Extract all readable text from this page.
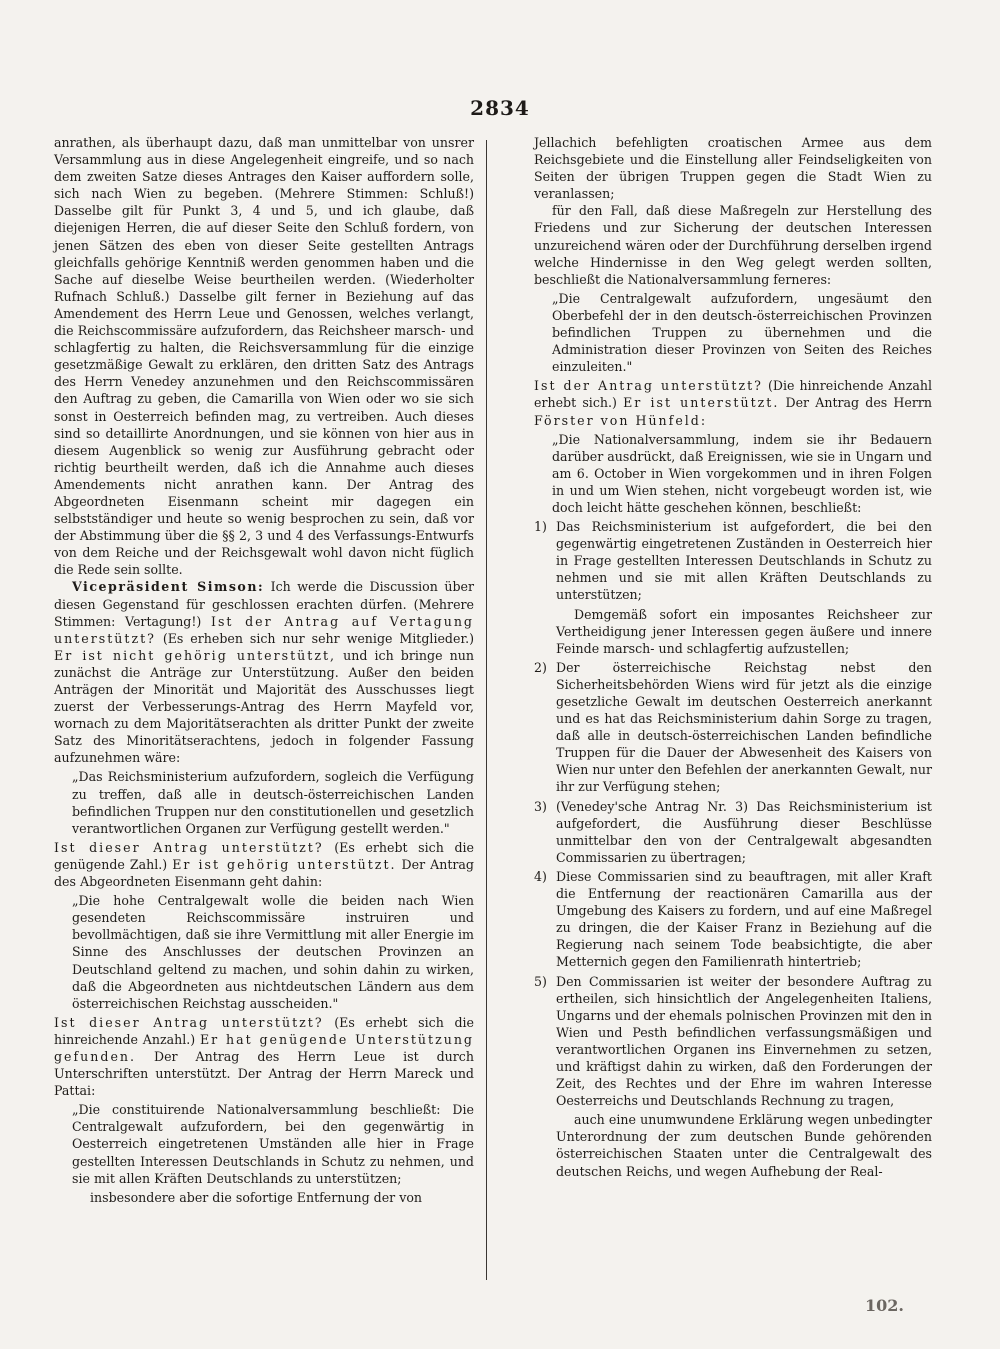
2834

anrathen, als überhaupt dazu, daß man unmittelbar von unsrer Versammlung aus in diese Angelegenheit eingreife, und so nach dem zweiten Satze dieses Antrages den Kaiser auffordern solle, sich nach Wien zu begeben. (Mehrere Stimmen: Schluß!) Dasselbe gilt für Punkt 3, 4 und 5, und ich glaube, daß diejenigen Herren, die auf dieser Seite den Schluß fordern, von jenen Sätzen des eben von dieser Seite gestellten Antrags gleichfalls gehörige Kenntniß werden genommen haben und die Sache auf dieselbe Weise beurtheilen werden. (Wiederholter Rufnach Schluß.) Dasselbe gilt ferner in Beziehung auf das Amendement des Herrn Leue und Genossen, welches verlangt, die Reichscommissäre aufzufordern, das Reichsheer marsch- und schlagfertig zu halten, die Reichsversammlung für die einzige gesetzmäßige Gewalt zu erklären, den dritten Satz des Antrags des Herrn Venedey anzunehmen und den Reichscommissären den Auftrag zu geben, die Camarilla von Wien oder wo sie sich sonst in Oesterreich befinden mag, zu vertreiben. Auch dieses sind so detaillirte Anordnungen, und sie können von hier aus in diesem Augenblick so wenig zur Ausführung gebracht oder richtig beurtheilt werden, daß ich die Annahme auch dieses Amendements nicht anrathen kann. Der Antrag des Abgeordneten Eisenmann scheint mir dagegen ein selbstständiger und heute so wenig besprochen zu sein, daß vor der Abstimmung über die §§ 2, 3 und 4 des Verfassungs-Entwurfs von dem Reiche und der Reichsgewalt wohl davon nicht füglich die Rede sein sollte.

Vicepräsident Simson: Ich werde die Discussion über diesen Gegenstand für geschlossen erachten dürfen. (Mehrere Stimmen: Vertagung!) Ist der Antrag auf Vertagung unterstützt? (Es erheben sich nur sehr wenige Mitglieder.) Er ist nicht gehörig unterstützt, und ich bringe nun zunächst die Anträge zur Unterstützung. Außer den beiden Anträgen der Minorität und Majorität des Ausschusses liegt zuerst der Verbesserungs-Antrag des Herrn Mayfeld vor, wornach zu dem Majoritätserachten als dritter Punkt der zweite Satz des Minoritätserachtens, jedoch in folgender Fassung aufzunehmen wäre:

„Das Reichsministerium aufzufordern, sogleich die Verfügung zu treffen, daß alle in deutsch-österreichischen Landen befindlichen Truppen nur den constitutionellen und gesetzlich verantwortlichen Organen zur Verfügung gestellt werden."

Ist dieser Antrag unterstützt? (Es erhebt sich die genügende Zahl.) Er ist gehörig unterstützt. Der Antrag des Abgeordneten Eisenmann geht dahin:

„Die hohe Centralgewalt wolle die beiden nach Wien gesendeten Reichscommissäre instruiren und bevollmächtigen, daß sie ihre Vermittlung mit aller Energie im Sinne des Anschlusses der deutschen Provinzen an Deutschland geltend zu machen, und sohin dahin zu wirken, daß die Abgeordneten aus nichtdeutschen Ländern aus dem österreichischen Reichstag ausscheiden."

Ist dieser Antrag unterstützt? (Es erhebt sich die hinreichende Anzahl.) Er hat genügende Unterstützung gefunden. Der Antrag des Herrn Leue ist durch Unterschriften unterstützt. Der Antrag der Herrn Mareck und Pattai:

„Die constituirende Nationalversammlung beschließt: Die Centralgewalt aufzufordern, bei den gegenwärtig in Oesterreich eingetretenen Umständen alle hier in Frage gestellten Interessen Deutschlands in Schutz zu nehmen, und sie mit allen Kräften Deutschlands zu unterstützen;

insbesondere aber die sofortige Entfernung der von

Jellachich befehligten croatischen Armee aus dem Reichsgebiete und die Einstellung aller Feindseligkeiten von Seiten der übrigen Truppen gegen die Stadt Wien zu veranlassen;

für den Fall, daß diese Maßregeln zur Herstellung des Friedens und zur Sicherung der deutschen Interessen unzureichend wären oder der Durchführung derselben irgend welche Hindernisse in den Weg gelegt werden sollten, beschließt die Nationalversammlung ferneres:

„Die Centralgewalt aufzufordern, ungesäumt den Oberbefehl der in den deutsch-österreichischen Provinzen befindlichen Truppen zu übernehmen und die Administration dieser Provinzen von Seiten des Reiches einzuleiten."

Ist der Antrag unterstützt? (Die hinreichende Anzahl erhebt sich.) Er ist unterstützt. Der Antrag des Herrn Förster von Hünfeld:

„Die Nationalversammlung, indem sie ihr Bedauern darüber ausdrückt, daß Ereignissen, wie sie in Ungarn und am 6. October in Wien vorgekommen und in ihren Folgen in und um Wien stehen, nicht vorgebeugt worden ist, wie doch leicht hätte geschehen können, beschließt:

1) Das Reichsministerium ist aufgefordert, die bei den gegenwärtig eingetretenen Zuständen in Oesterreich hier in Frage gestellten Interessen Deutschlands in Schutz zu nehmen und sie mit allen Kräften Deutschlands zu unterstützen;

Demgemäß sofort ein imposantes Reichsheer zur Vertheidigung jener Interessen gegen äußere und innere Feinde marsch- und schlagfertig aufzustellen;

2) Der österreichische Reichstag nebst den Sicherheitsbehörden Wiens wird für jetzt als die einzige gesetzliche Gewalt im deutschen Oesterreich anerkannt und es hat das Reichsministerium dahin Sorge zu tragen, daß alle in deutsch-österreichischen Landen befindliche Truppen für die Dauer der Abwesenheit des Kaisers von Wien nur unter den Befehlen der anerkannten Gewalt, nur ihr zur Verfügung stehen;
3) (Venedey'sche Antrag Nr. 3) Das Reichsministerium ist aufgefordert, die Ausführung dieser Beschlüsse unmittelbar den von der Centralgewalt abgesandten Commissarien zu übertragen;
4) Diese Commissarien sind zu beauftragen, mit aller Kraft die Entfernung der reactionären Camarilla aus der Umgebung des Kaisers zu fordern, und auf eine Maßregel zu dringen, die der Kaiser Franz in Beziehung auf die Regierung nach seinem Tode beabsichtigte, die aber Metternich gegen den Familienrath hintertrieb;
5) Den Commissarien ist weiter der besondere Auftrag zu ertheilen, sich hinsichtlich der Angelegenheiten Italiens, Ungarns und der ehemals polnischen Provinzen mit den in Wien und Pesth befindlichen verfassungsmäßigen und verantwortlichen Organen ins Einvernehmen zu setzen, und kräftigst dahin zu wirken, daß den Forderungen der Zeit, des Rechtes und der Ehre im wahren Interesse Oesterreichs und Deutschlands Rechnung zu tragen,

auch eine unumwundene Erklärung wegen unbedingter Unterordnung der zum deutschen Bunde gehörenden österreichischen Staaten unter die Centralgewalt des deutschen Reichs, und wegen Aufhebung der Real-

102.
